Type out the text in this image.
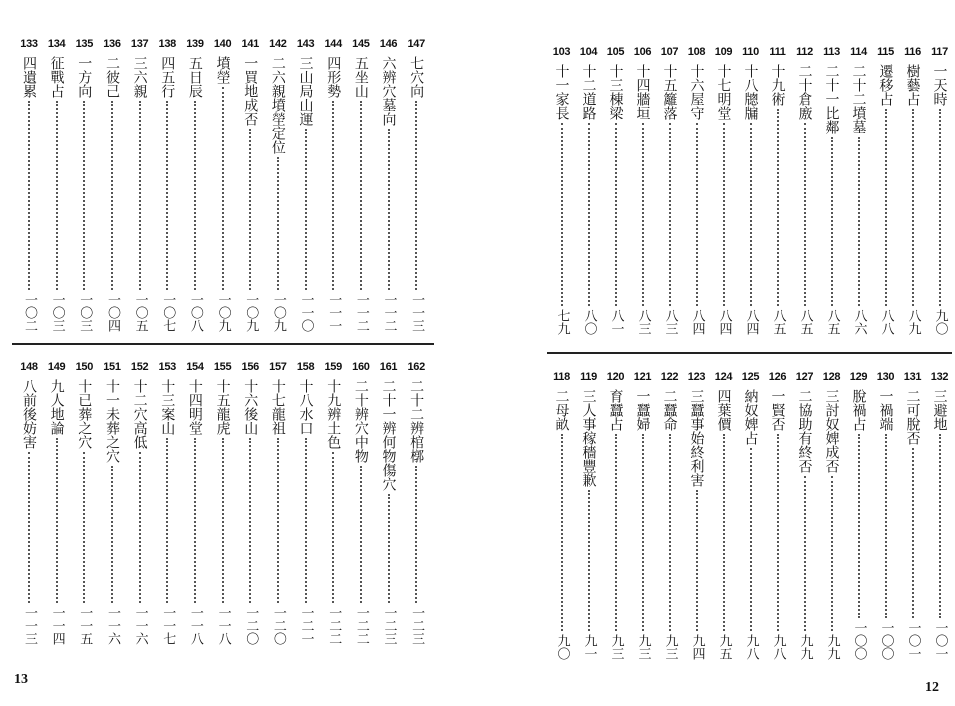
147
七穴向
一一三
146
六辨穴墓向
一一二
145
五坐山
一一二
144
四形勢
一一一
143
三山局山運
一一〇
142
二六親墳塋定位
一〇九
141
一買地成否
一〇九
140
墳塋
一〇九
139
五日辰
一〇八
138
四五行
一〇七
137
三六親
一〇五
136
二彼己
一〇四
135
一方向
一〇三
134
征戰占
一〇三
133
四遺累
一〇二
162
二十二辨棺槨
一二三
161
二十一辨何物傷穴
一二三
160
二十辨穴中物
一二二
159
十九辨土色
一二二
158
十八水口
一二一
157
十七龍祖
一二〇
156
十六後山
一二〇
155
十五龍虎
一一八
154
十四明堂
一一八
153
十三案山
一一七
152
十二穴高低
一一六
151
十一未葬之穴
一一六
150
十已葬之穴
一一五
149
九人地論
一一四
148
八前後妨害
一一三
13
117
一天時
九〇
116
樹藝占
八九
115
遷移占
八八
114
二十二墳墓
八六
113
二十一比鄰
八五
112
二十倉廒
八五
111
十九術
八五
110
十八牕牖
八四
109
十七明堂
八四
108
十六屋守
八四
107
十五籬落
八三
106
十四牆垣
八三
105
十三棟梁
八一
104
十二道路
八〇
103
十一家長
七九
132
三避地
一〇一
131
二可脫否
一〇一
130
一禍端
一〇〇
129
脫禍占
一〇〇
128
三討奴婢成否
九九
127
二協助有終否
九九
126
一賢否
九八
125
納奴婢占
九八
124
四葉價
九五
123
三蠶事始終利害
九四
122
二蠶命
九三
121
一蠶婦
九三
120
育蠶占
九三
119
三人事稼穡豐歉
九一
118
二母畝
九〇
12
